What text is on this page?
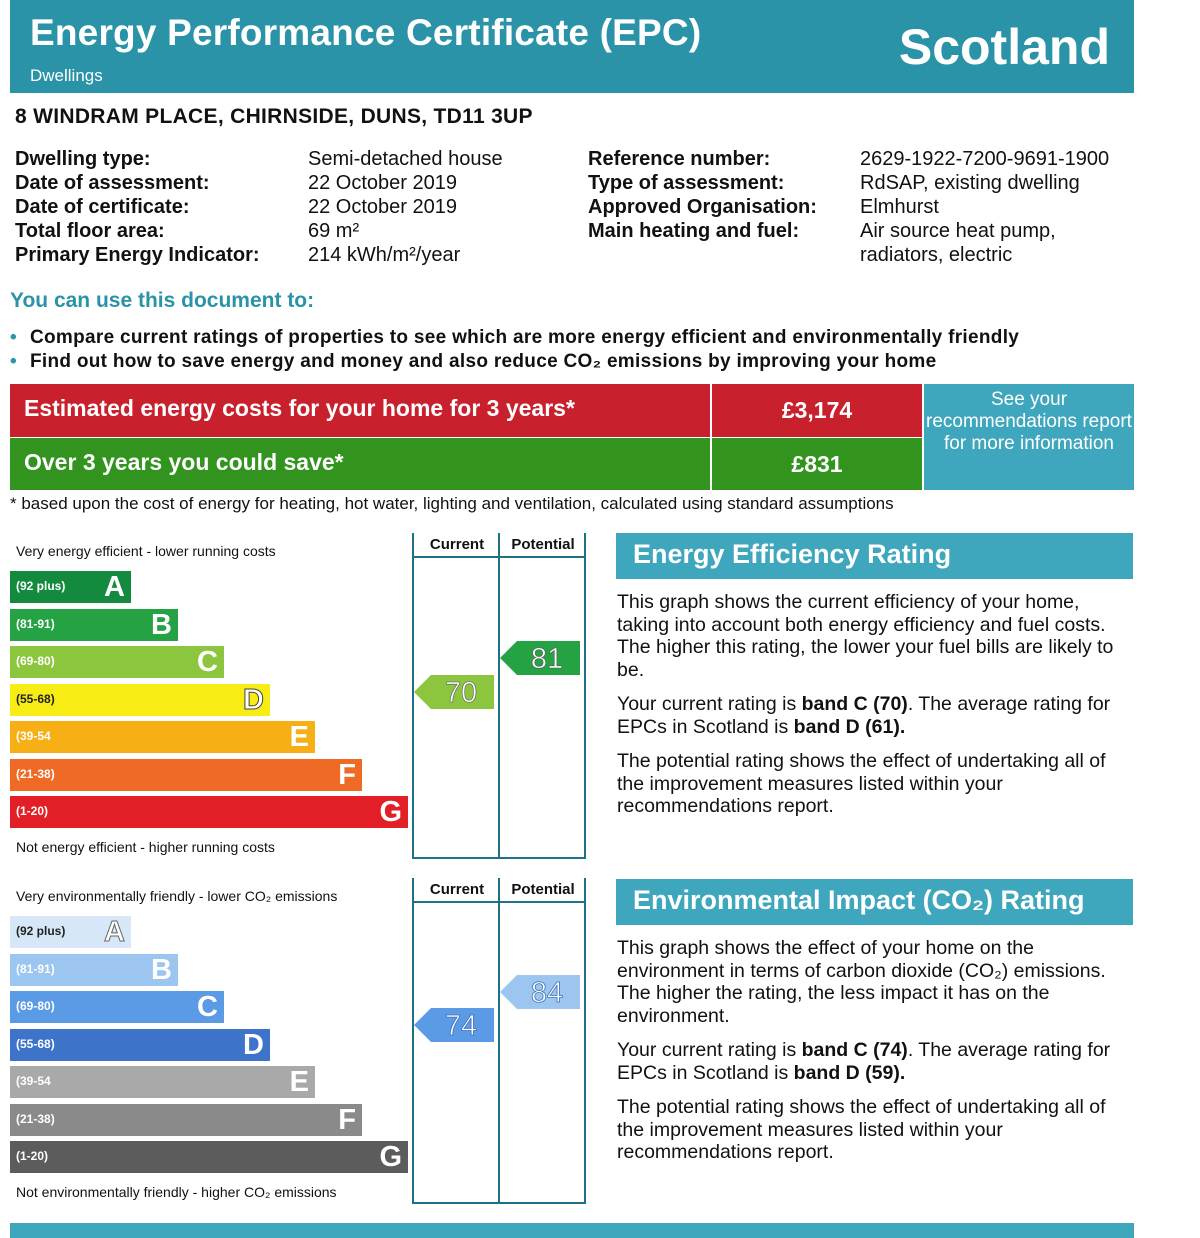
Energy Performance Certificate (EPC)
Dwellings
Scotland
8 WINDRAM PLACE, CHIRNSIDE, DUNS, TD11 3UP
Dwelling type:	Semi-detached house
Date of assessment:	22 October 2019
Date of certificate:	22 October 2019
Total floor area:	69 m²
Primary Energy Indicator:	214 kWh/m²/year
Reference number:	2629-1922-7200-9691-1900
Type of assessment:	RdSAP, existing dwelling
Approved Organisation:	Elmhurst
Main heating and fuel:	Air source heat pump, radiators, electric
You can use this document to:
• Compare current ratings of properties to see which are more energy efficient and environmentally friendly
• Find out how to save energy and money and also reduce CO₂ emissions by improving your home
Estimated energy costs for your home for 3 years*	£3,174
Over 3 years you could save*	£831
See your recommendations report for more information
* based upon the cost of energy for heating, hot water, lighting and ventilation, calculated using standard assumptions
Very energy efficient - lower running costs
Not energy efficient - higher running costs
Current	Potential
(92 plus) A
(81-91)	B
(69-80)	C
(55-68)	D
(39-54	E
(21-38)	F
(1-20)	G
70
81
Very environmentally friendly - lower CO₂ emissions
Not environmentally friendly - higher CO₂ emissions
Current	Potential
(92 plus) A
(81-91)	B
(69-80)	C
(55-68)	D
(39-54	E
(21-38)	F
(1-20)	G
74
84
Energy Efficiency Rating
This graph shows the current efficiency of your home, taking into account both energy efficiency and fuel costs. The higher this rating, the lower your fuel bills are likely to be.
Your current rating is band C (70). The average rating for EPCs in Scotland is band D (61).
The potential rating shows the effect of undertaking all of the improvement measures listed within your recommendations report.
Environmental Impact (CO₂) Rating
This graph shows the effect of your home on the environment in terms of carbon dioxide (CO₂) emissions. The higher the rating, the less impact it has on the environment.
Your current rating is band C (74). The average rating for EPCs in Scotland is band D (59).
The potential rating shows the effect of undertaking all of the improvement measures listed within your recommendations report.
